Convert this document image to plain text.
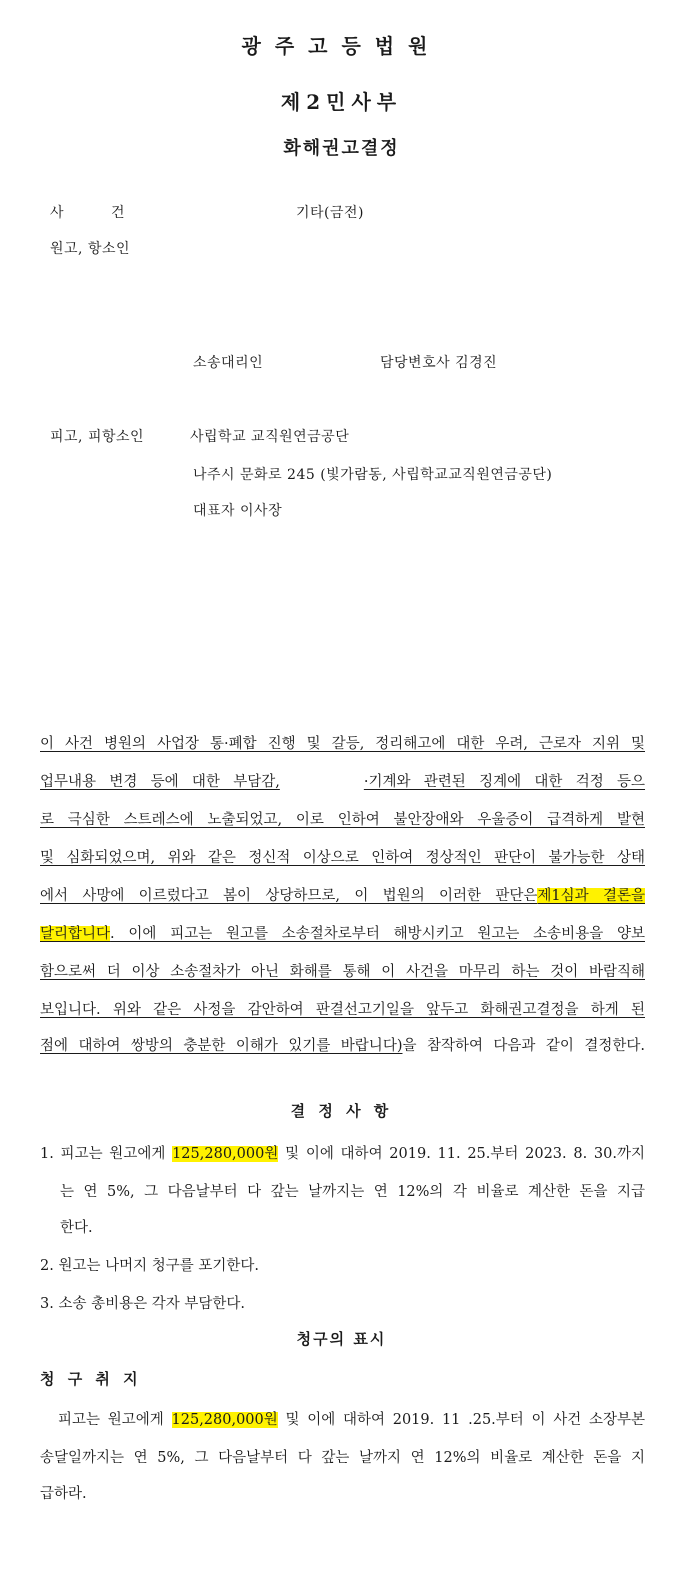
광주고등법원
제2민사부
화해권고결정
사 건	기타(금전)
원고, 항소인
소송대리인	담당변호사 김경진
피고, 피항소인	사립학교 교직원연금공단
나주시 문화로 245 (빛가람동, 사립학교교직원연금공단)
대표자 이사장
이 사건 병원의 사업장 통·폐합 진행 및 갈등, 정리해고에 대한 우려, 근로자 지위 및
업무내용 변경 등에 대한 부담감,	·기계와 관련된 징계에 대한 걱정 등으
로 극심한 스트레스에 노출되었고, 이로 인하여 불안장애와 우울증이 급격하게 발현
및 심화되었으며, 위와 같은 정신적 이상으로 인하여 정상적인 판단이 불가능한 상태
에서 사망에 이르렀다고 봄이 상당하므로, 이 법원의 이러한 판단은제1심과 결론을
달리합니다. 이에 피고는 원고를 소송절차로부터 해방시키고 원고는 소송비용을 양보
함으로써 더 이상 소송절차가 아닌 화해를 통해 이 사건을 마무리 하는 것이 바람직해
보입니다. 위와 같은 사정을 감안하여 판결선고기일을 앞두고 화해권고결정을 하게 된
점에 대하여 쌍방의 충분한 이해가 있기를 바랍니다)을 참작하여 다음과 같이 결정한다.
결 정 사 항
1. 피고는 원고에게 125,280,000원 및 이에 대하여 2019. 11. 25.부터 2023. 8. 30.까지
는 연 5%, 그 다음날부터 다 갚는 날까지는 연 12%의 각 비율로 계산한 돈을 지급
한다.
2. 원고는 나머지 청구를 포기한다.
3. 소송 총비용은 각자 부담한다.
청구의 표시
청 구 취 지
피고는 원고에게 125,280,000원 및 이에 대하여 2019. 11 .25.부터 이 사건 소장부본
송달일까지는 연 5%, 그 다음날부터 다 갚는 날까지 연 12%의 비율로 계산한 돈을 지
급하라.
